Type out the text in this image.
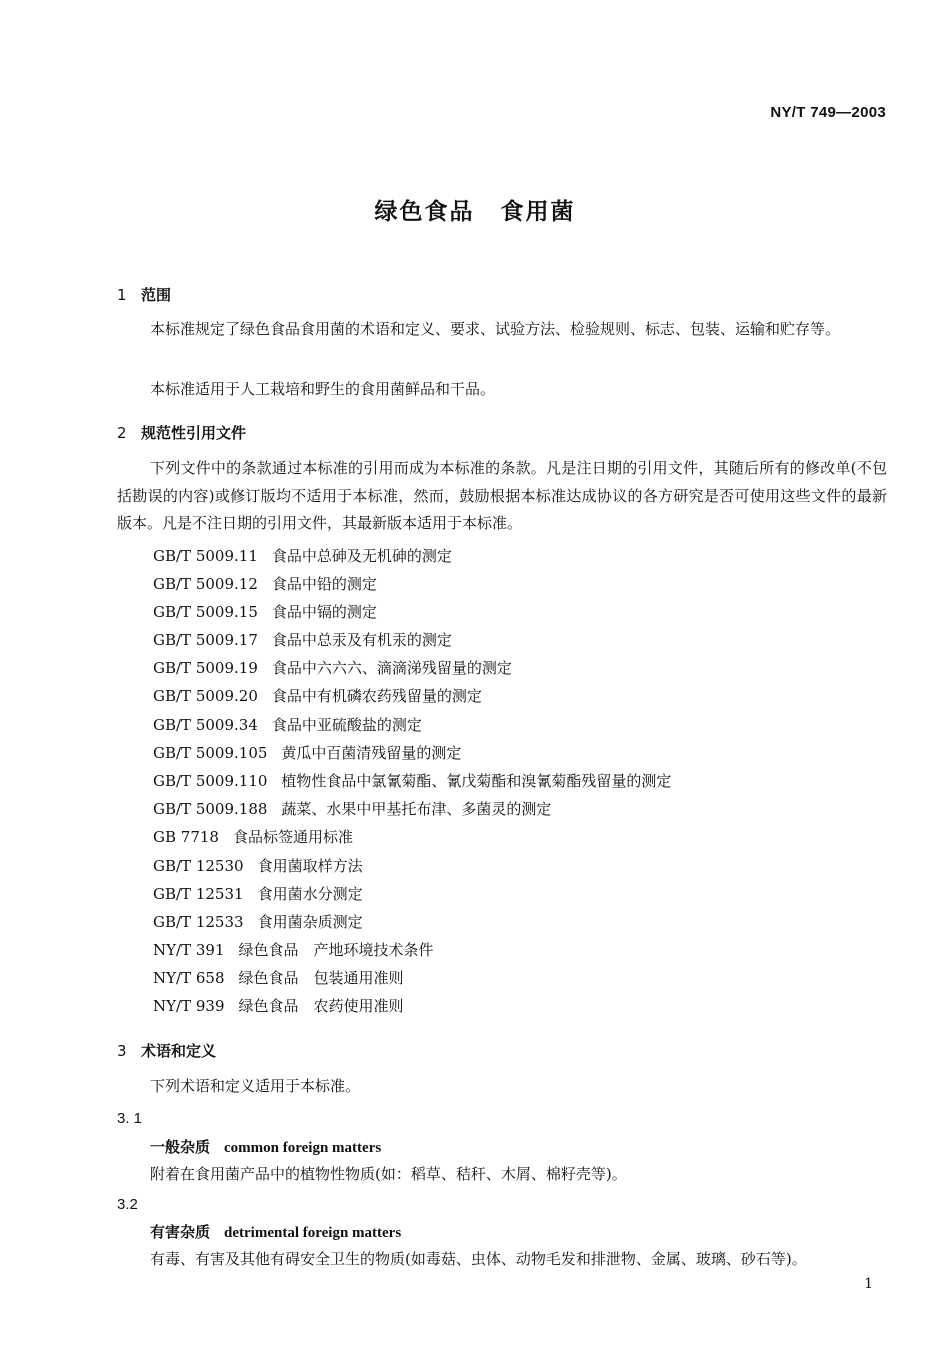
NY/T 749—2003
绿色食品 食用菌
1 范围
本标准规定了绿色食品食用菌的术语和定义、要求、试验方法、检验规则、标志、包装、运输和贮存等。
本标准适用于人工栽培和野生的食用菌鲜品和干品。
2 规范性引用文件
下列文件中的条款通过本标准的引用而成为本标准的条款。凡是注日期的引用文件，其随后所有的修改单(不包括勘误的内容)或修订版均不适用于本标准，然而，鼓励根据本标准达成协议的各方研究是否可使用这些文件的最新版本。凡是不注日期的引用文件，其最新版本适用于本标准。
GB/T 5009.11 食品中总砷及无机砷的测定
GB/T 5009.12 食品中铅的测定
GB/T 5009.15 食品中镉的测定
GB/T 5009.17 食品中总汞及有机汞的测定
GB/T 5009.19 食品中六六六、滴滴涕残留量的测定
GB/T 5009.20 食品中有机磷农药残留量的测定
GB/T 5009.34 食品中亚硫酸盐的测定
GB/T 5009.105 黄瓜中百菌清残留量的测定
GB/T 5009.110 植物性食品中氯氰菊酯、氰戊菊酯和溴氰菊酯残留量的测定
GB/T 5009.188 蔬菜、水果中甲基托布津、多菌灵的测定
GB 7718 食品标签通用标准
GB/T 12530 食用菌取样方法
GB/T 12531 食用菌水分测定
GB/T 12533 食用菌杂质测定
NY/T 391 绿色食品　产地环境技术条件
NY/T 658 绿色食品　包装通用准则
NY/T 939 绿色食品　农药使用准则
3 术语和定义
下列术语和定义适用于本标准。
3. 1
一般杂质 common foreign matters
附着在食用菌产品中的植物性物质(如：稻草、秸秆、木屑、棉籽壳等)。
3.2
有害杂质 detrimental foreign matters
有毒、有害及其他有碍安全卫生的物质(如毒菇、虫体、动物毛发和排泄物、金属、玻璃、砂石等)。
1
